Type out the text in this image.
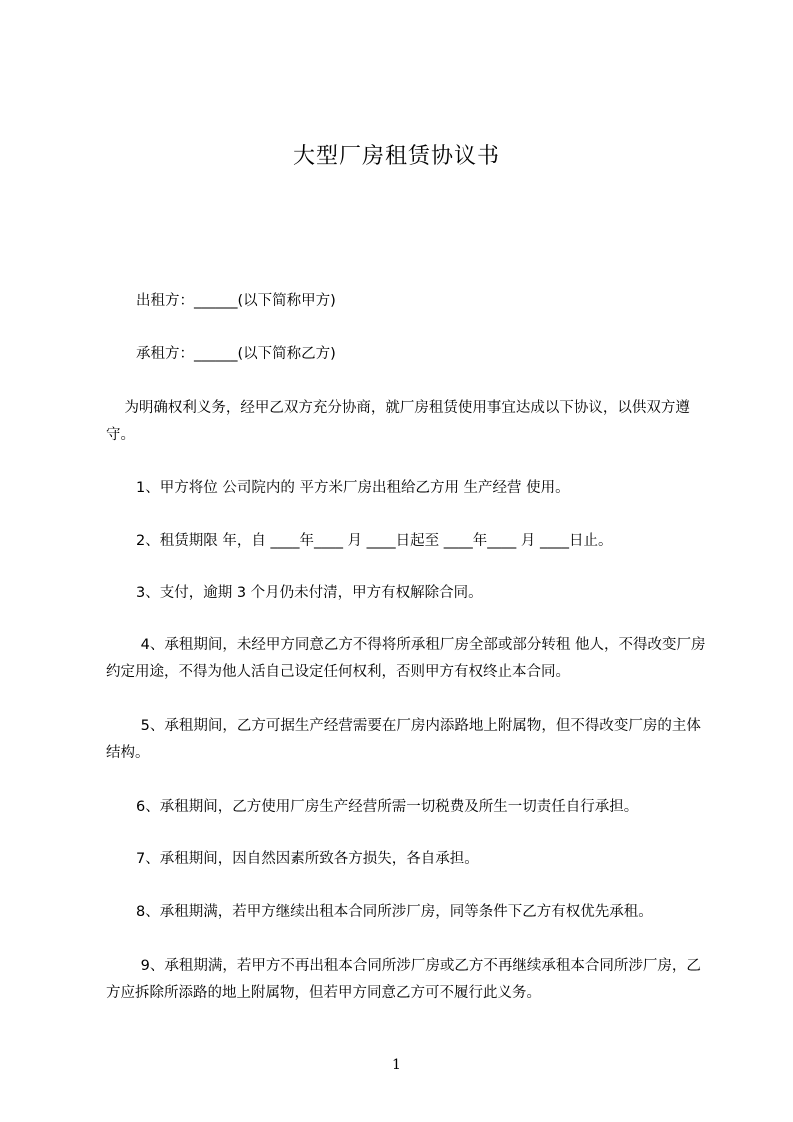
大型厂房租赁协议书
出租方：______(以下简称甲方)
承租方：______(以下简称乙方)
为明确权利义务，经甲乙双方充分协商，就厂房租赁使用事宜达成以下协议，以供双方遵守。
1、甲方将位 公司院内的 平方米厂房出租给乙方用 生产经营 使用。
2、租赁期限 年，自 ____年____ 月 ____日起至 ____年____ 月 ____日止。
3、支付，逾期 3 个月仍未付清，甲方有权解除合同。
4、承租期间，未经甲方同意乙方不得将所承租厂房全部或部分转租 他人，不得改变厂房约定用途，不得为他人活自己设定任何权利，否则甲方有权终止本合同。
5、承租期间，乙方可据生产经营需要在厂房内添路地上附属物，但不得改变厂房的主体结构。
6、承租期间，乙方使用厂房生产经营所需一切税费及所生一切责任自行承担。
7、承租期间，因自然因素所致各方损失，各自承担。
8、承租期满，若甲方继续出租本合同所涉厂房，同等条件下乙方有权优先承租。
9、承租期满，若甲方不再出租本合同所涉厂房或乙方不再继续承租本合同所涉厂房，乙方应拆除所添路的地上附属物，但若甲方同意乙方可不履行此义务。
1
